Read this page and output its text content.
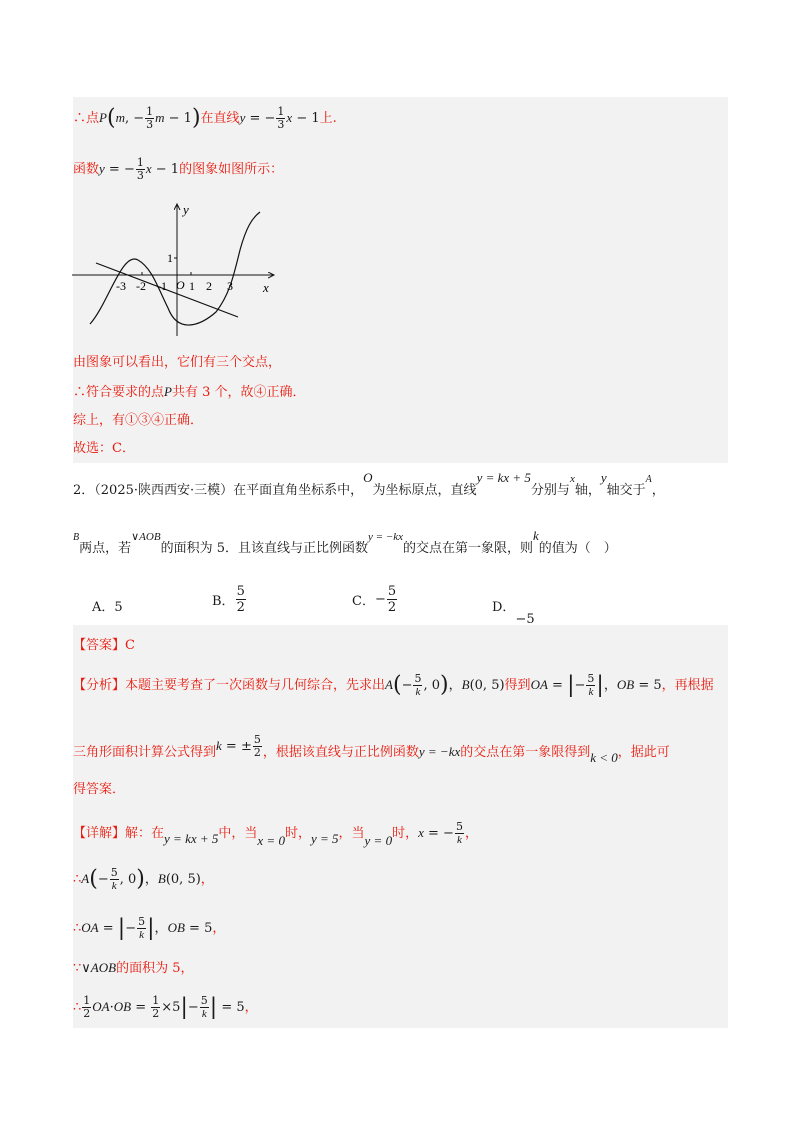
∴点P(m, − $\frac{1}{3}$ m − 1)在直线y = − $\frac{1}{3}$ x − 1上.
函数y = − $\frac{1}{3}$ x − 1的图象如图所示：
y
x
1
O
-3 -2 -1 1 2 3
由图象可以看出，它们有三个交点，
∴符合要求的点P共有 3 个，故④正确．
综上，有①③④正确．
故选：C．
2．（2025·陕西西安·三模）在平面直角坐标系中，O为坐标原点，直线y = kx + 5分别与$^x$轴，y轴交于$^A$，
$^B$两点，若$^{\vee AOB}$的面积为 5．且该直线与正比例函数$^{y = -kx}$的交点在第一象限，则k的值为（　）
A．5	B． $\frac{5}{2}$	C．− $\frac{5}{2}$	D．−5
【答案】C
【分析】本题主要考查了一次函数与几何综合，先求出$A(- \frac{5}{k}$ , 0)，B(0, 5)得到OA = |− $\frac{5}{k}$ |，OB = 5，再根据
三角形面积计算公式得到k = ± $\frac{5}{2}$ ，根据该直线与正比例函数y = −kx的交点在第一象限得到k < 0，据此可
得答案．
【详解】解：在y = kx + 5中，当x = 0时，y = 5，当y = 0时，x = − $\frac{5}{k}$ ，
∴A(− $\frac{5}{k}$ , 0)，B(0, 5)，
∴OA = |− $\frac{5}{k}$ |，OB = 5，
∵∨AOB的面积为 5，
∴ $\frac{1}{2} OA\cdot OB = \frac{1}{2} \times 5|- \frac{5}{k}$ | = 5，
